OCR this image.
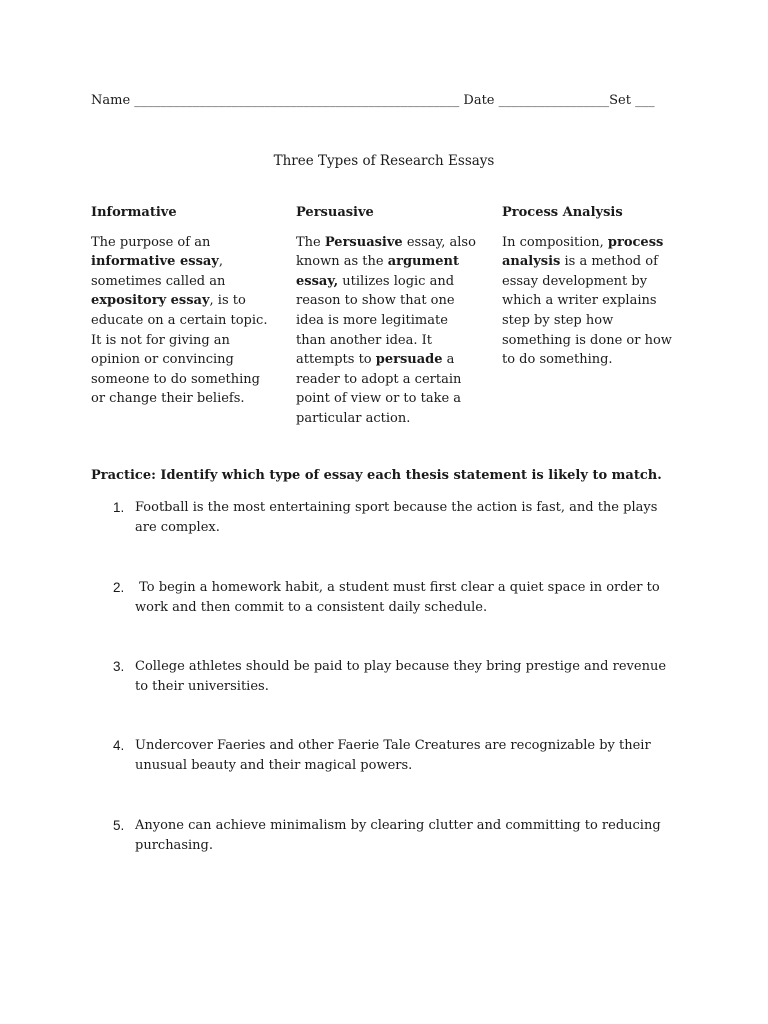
Name __________________________________________________ Date _________________Set ___
Three Types of Research Essays

Informative

The purpose of an informative essay, sometimes called an expository essay, is to educate on a certain topic. It is not for giving an opinion or convincing someone to do something or change their beliefs.

Persuasive

The Persuasive essay, also known as the argument essay, utilizes logic and reason to show that one idea is more legitimate than another idea. It attempts to persuade a reader to adopt a certain point of view or to take a particular action.

Process Analysis

In composition, process analysis is a method of essay development by which a writer explains step by step how something is done or how to do something.

Practice: Identify which type of essay each thesis statement is likely to match.
1. Football is the most entertaining sport because the action is fast, and the plays are complex.
2. To begin a homework habit, a student must first clear a quiet space in order to work and then commit to a consistent daily schedule.
3. College athletes should be paid to play because they bring prestige and revenue to their universities.
4. Undercover Faeries and other Faerie Tale Creatures are recognizable by their unusual beauty and their magical powers.
5. Anyone can achieve minimalism by clearing clutter and committing to reducing purchasing.
